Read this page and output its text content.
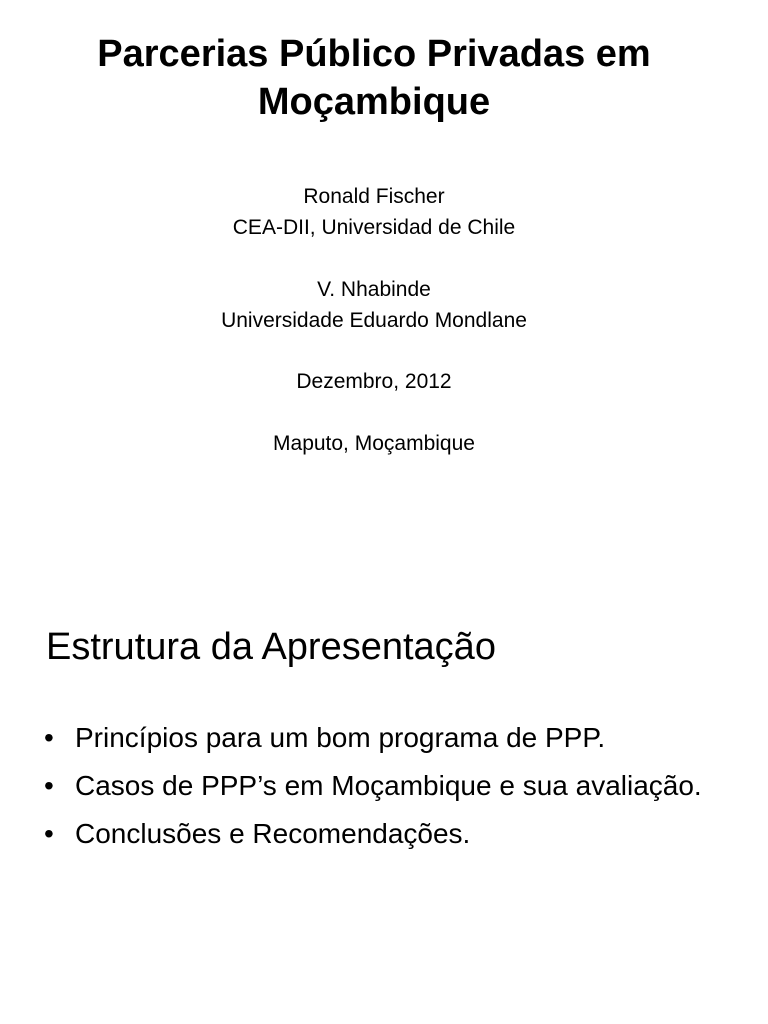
Parcerias Público Privadas em
Moçambique
Ronald Fischer
CEA-DII, Universidad de Chile
V. Nhabinde
Universidade Eduardo Mondlane
Dezembro, 2012
Maputo, Moçambique
Estrutura da Apresentação
• Princípios para um bom programa de PPP.
• Casos de PPP’s em Moçambique e sua avaliação.
• Conclusões e Recomendações.
